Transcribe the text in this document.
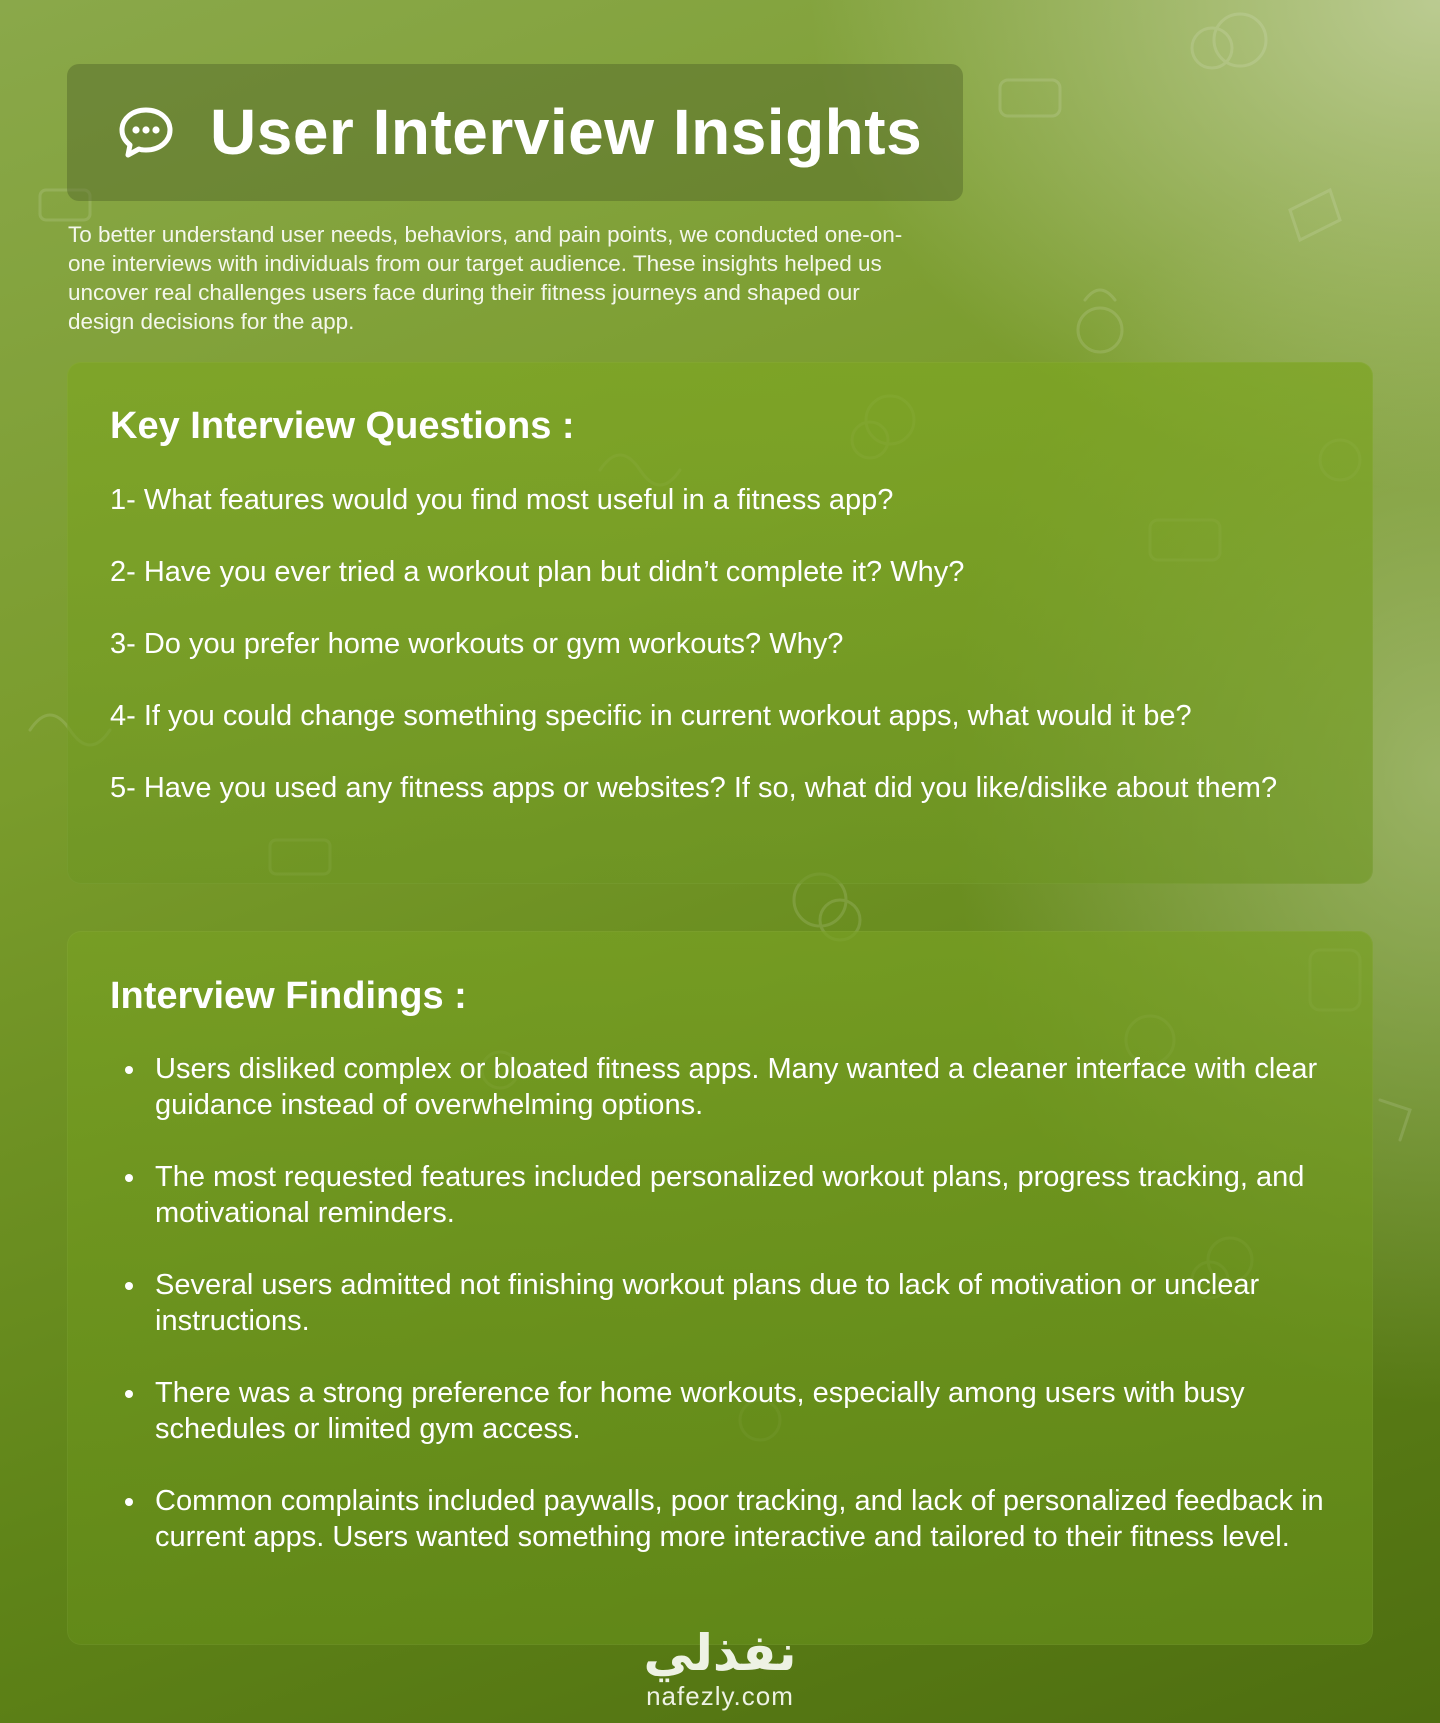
User Interview Insights

To better understand user needs, behaviors, and pain points, we conducted one-on-one interviews with individuals from our target audience. These insights helped us uncover real challenges users face during their fitness journeys and shaped our design decisions for the app.

Key Interview Questions :
1- What features would you find most useful in a fitness app?
2- Have you ever tried a workout plan but didn’t complete it? Why?
3- Do you prefer home workouts or gym workouts? Why?
4- If you could change something specific in current workout apps, what would it be?
5- Have you used any fitness apps or websites? If so, what did you like/dislike about them?
Interview Findings :
Users disliked complex or bloated fitness apps. Many wanted a cleaner interface with clear guidance instead of overwhelming options.
The most requested features included personalized workout plans, progress tracking, and motivational reminders.
Several users admitted not finishing workout plans due to lack of motivation or unclear instructions.
There was a strong preference for home workouts, especially among users with busy schedules or limited gym access.
Common complaints included paywalls, poor tracking, and lack of personalized feedback in current apps. Users wanted something more interactive and tailored to their fitness level.
نفذلي
nafezly.com
